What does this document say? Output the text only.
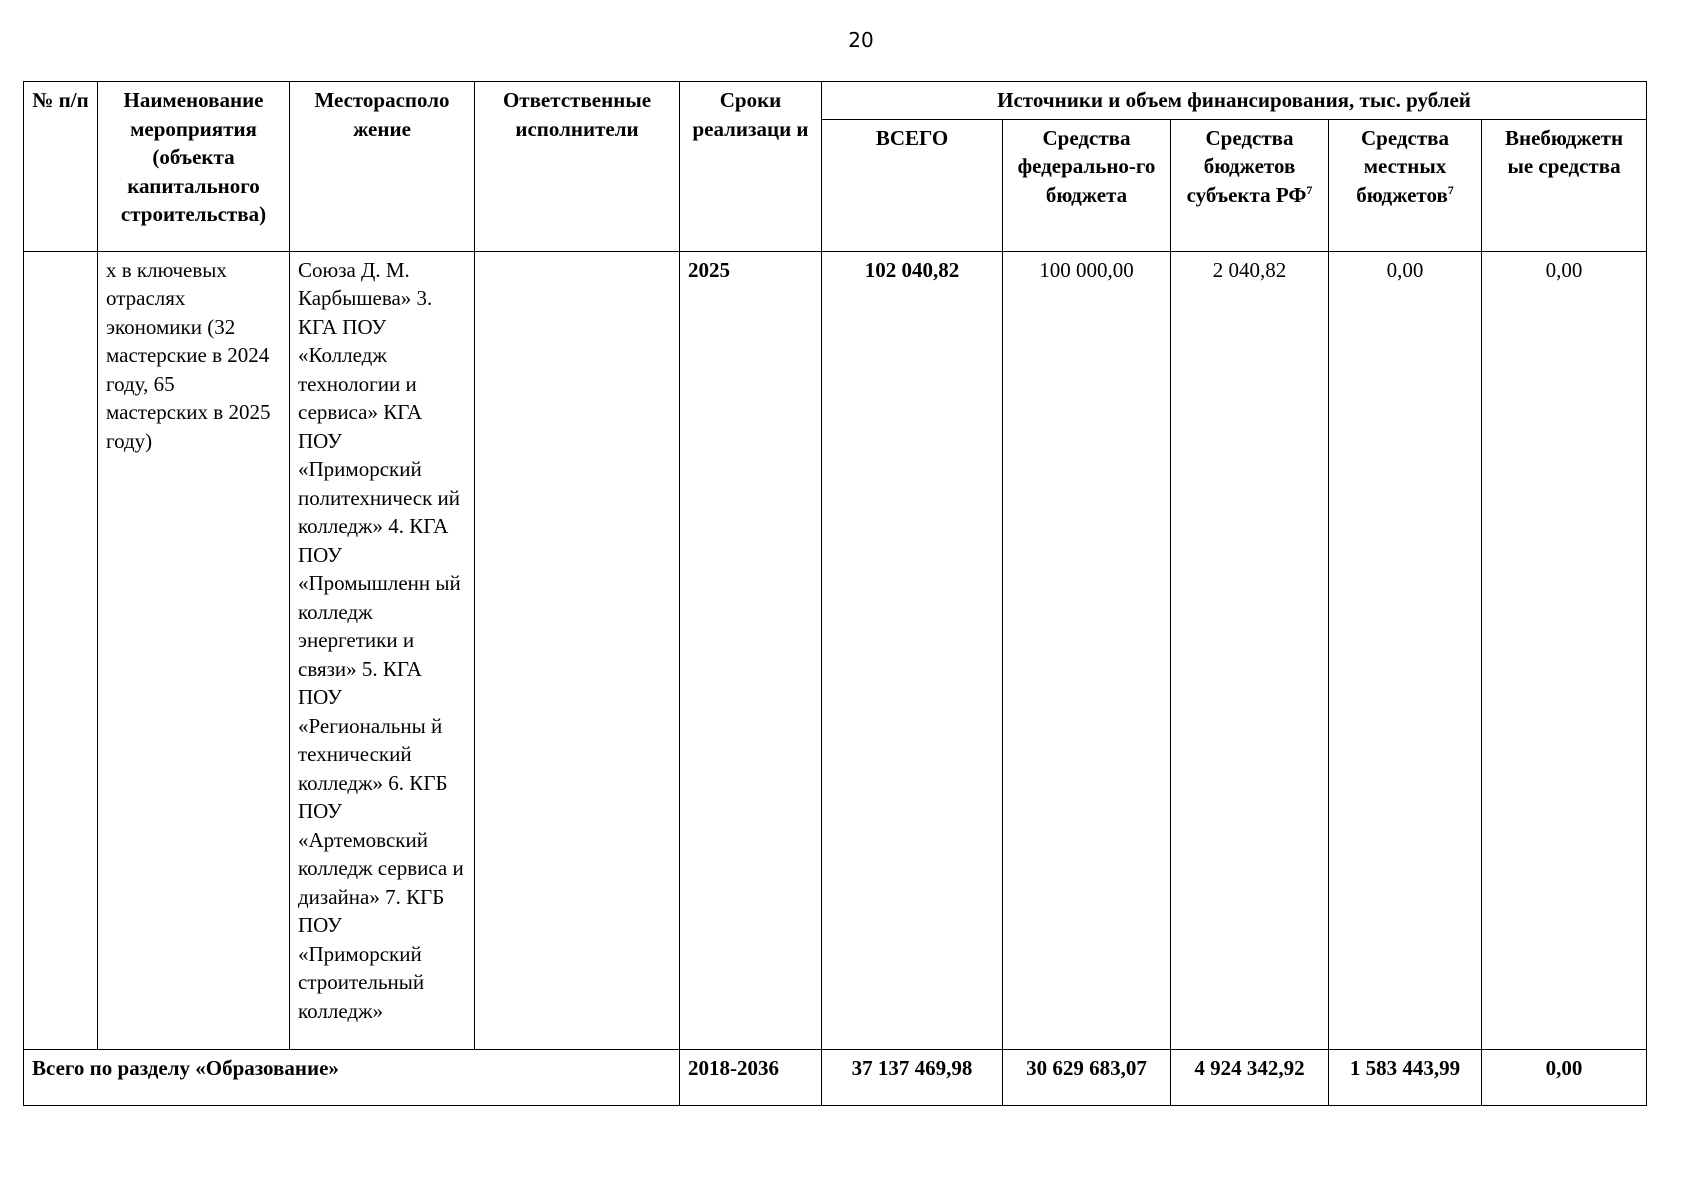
20
№ п/п	Наименование мероприятия (объекта капитального строительства)	Месторасполо жение	Ответственные исполнители	Сроки реализаци и	Источники и объем финансирования, тыс. рублей				
					ВСЕГО	Средства федерально-го бюджета	Средства бюджетов субъекта $РФ^7$	Средства местных бюджетов$^7$	Внебюджетн ые средства
	х в ключевых отраслях экономики (32 мастерские в 2024 году, 65 мастерских в 2025 году)	Союза Д. М. Карбышева» 3. КГА ПОУ «Колледж технологии и сервиса» КГА ПОУ «Приморский политехническ ий колледж» 4. КГА ПОУ «Промышленн ый колледж энергетики и связи» 5. КГА ПОУ «Региональны й технический колледж» 6. КГБ ПОУ «Артемовский колледж сервиса и дизайна» 7. КГБ ПОУ «Приморский строительный колледж»		2025	102 040,82	100 000,00	2 040,82	0,00	0,00
Всего по разделу «Образование»				2018-2036	37 137 469,98	30 629 683,07	4 924 342,92	1 583 443,99	0,00
